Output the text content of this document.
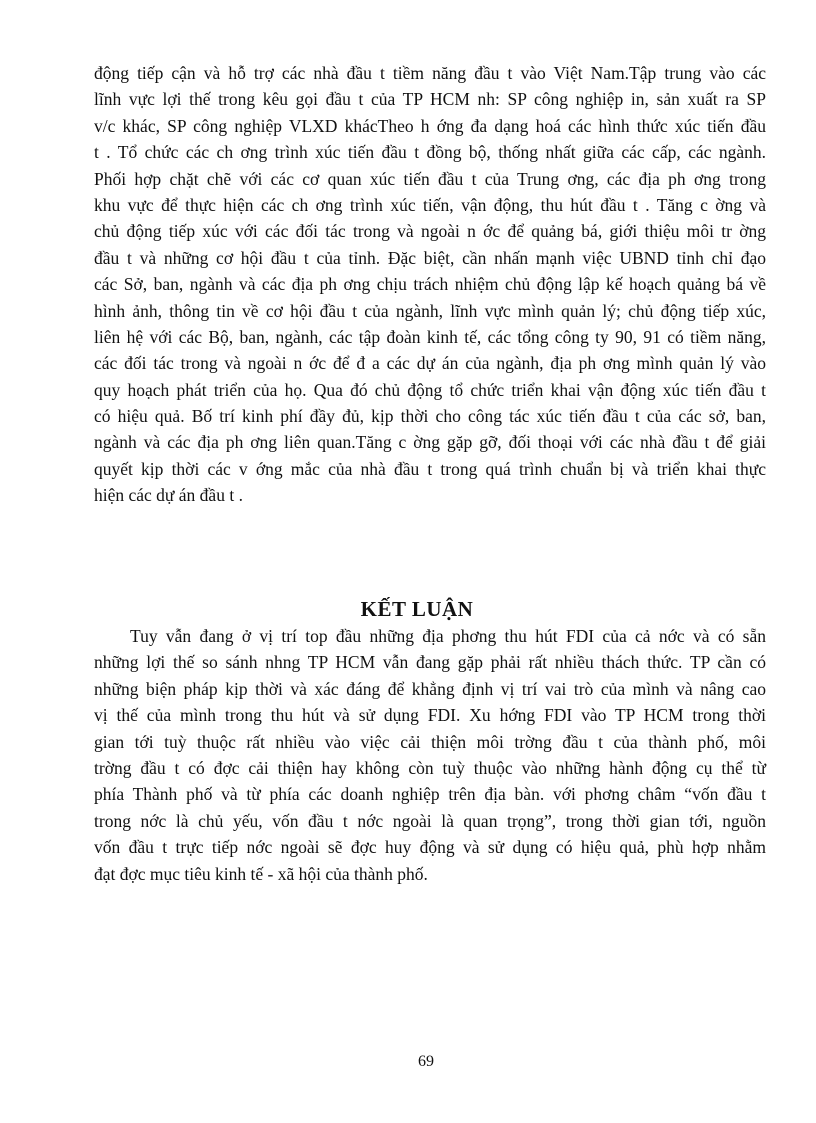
động tiếp cận và hỗ trợ các nhà đầu t tiềm năng đầu t vào Việt Nam.Tập trung vào các
lĩnh vực lợi thế trong kêu gọi đầu t của TP HCM nh: SP công nghiệp in, sản xuất ra SP
v/c khác, SP công nghiệp VLXD khácTheo h ớng đa dạng hoá các hình thức xúc tiến đầu
t . Tổ chức các ch ơng trình xúc tiến đầu t đồng bộ, thống nhất giữa các cấp, các ngành.
Phối hợp chặt chẽ với các cơ quan xúc tiến đầu t của Trung ơng, các địa ph ơng trong
khu vực để thực hiện các ch ơng trình xúc tiến, vận động, thu hút đầu t . Tăng c ờng và
chủ động tiếp xúc với các đối tác trong và ngoài n ớc để quảng bá, giới thiệu môi tr ờng
đầu t và những cơ hội đầu t của tỉnh. Đặc biệt, cần nhấn mạnh việc UBND tỉnh chỉ đạo
các Sở, ban, ngành và các địa ph ơng chịu trách nhiệm chủ động lập kế hoạch quảng bá về
hình ảnh, thông tin về cơ hội đầu t của ngành, lĩnh vực mình quản lý; chủ động tiếp xúc,
liên hệ với các Bộ, ban, ngành, các tập đoàn kinh tế, các tổng công ty 90, 91 có tiềm năng,
các đối tác trong và ngoài n ớc để đ a các dự án của ngành, địa ph ơng mình quản lý vào
quy hoạch phát triển của họ. Qua đó chủ động tổ chức triển khai vận động xúc tiến đầu t
có hiệu quả. Bố trí kinh phí đầy đủ, kịp thời cho công tác xúc tiến đầu t của các sở, ban,
ngành và các địa ph ơng liên quan.Tăng c ờng gặp gỡ, đối thoại với các nhà đầu t để giải
quyết kịp thời các v ớng mắc của nhà đầu t trong quá trình chuẩn bị và triển khai thực
hiện các dự án đầu t .
KẾT LUẬN
Tuy vẫn đang ở vị trí top đầu những địa phơng thu hút FDI của cả nớc và có sẵn
những lợi thế so sánh nhng TP HCM vẫn đang gặp phải rất nhiều thách thức. TP cần có
những biện pháp kịp thời và xác đáng để khẳng định vị trí vai trò của mình và nâng cao
vị thế của mình trong thu hút và sử dụng FDI. Xu hớng FDI vào TP HCM trong thời
gian tới tuỳ thuộc rất nhiều vào việc cải thiện môi trờng đầu t của thành phố, môi
trờng đầu t có đợc cải thiện hay không còn tuỳ thuộc vào những hành động cụ thể từ
phía Thành phố và từ phía các doanh nghiệp trên địa bàn. với phơng châm “vốn đầu t
trong nớc là chủ yếu, vốn đầu t nớc ngoài là quan trọng”, trong thời gian tới, nguồn
vốn đầu t trực tiếp nớc ngoài sẽ đợc huy động và sử dụng có hiệu quả, phù hợp nhằm
đạt đợc mục tiêu kinh tế - xã hội của thành phố.
69
